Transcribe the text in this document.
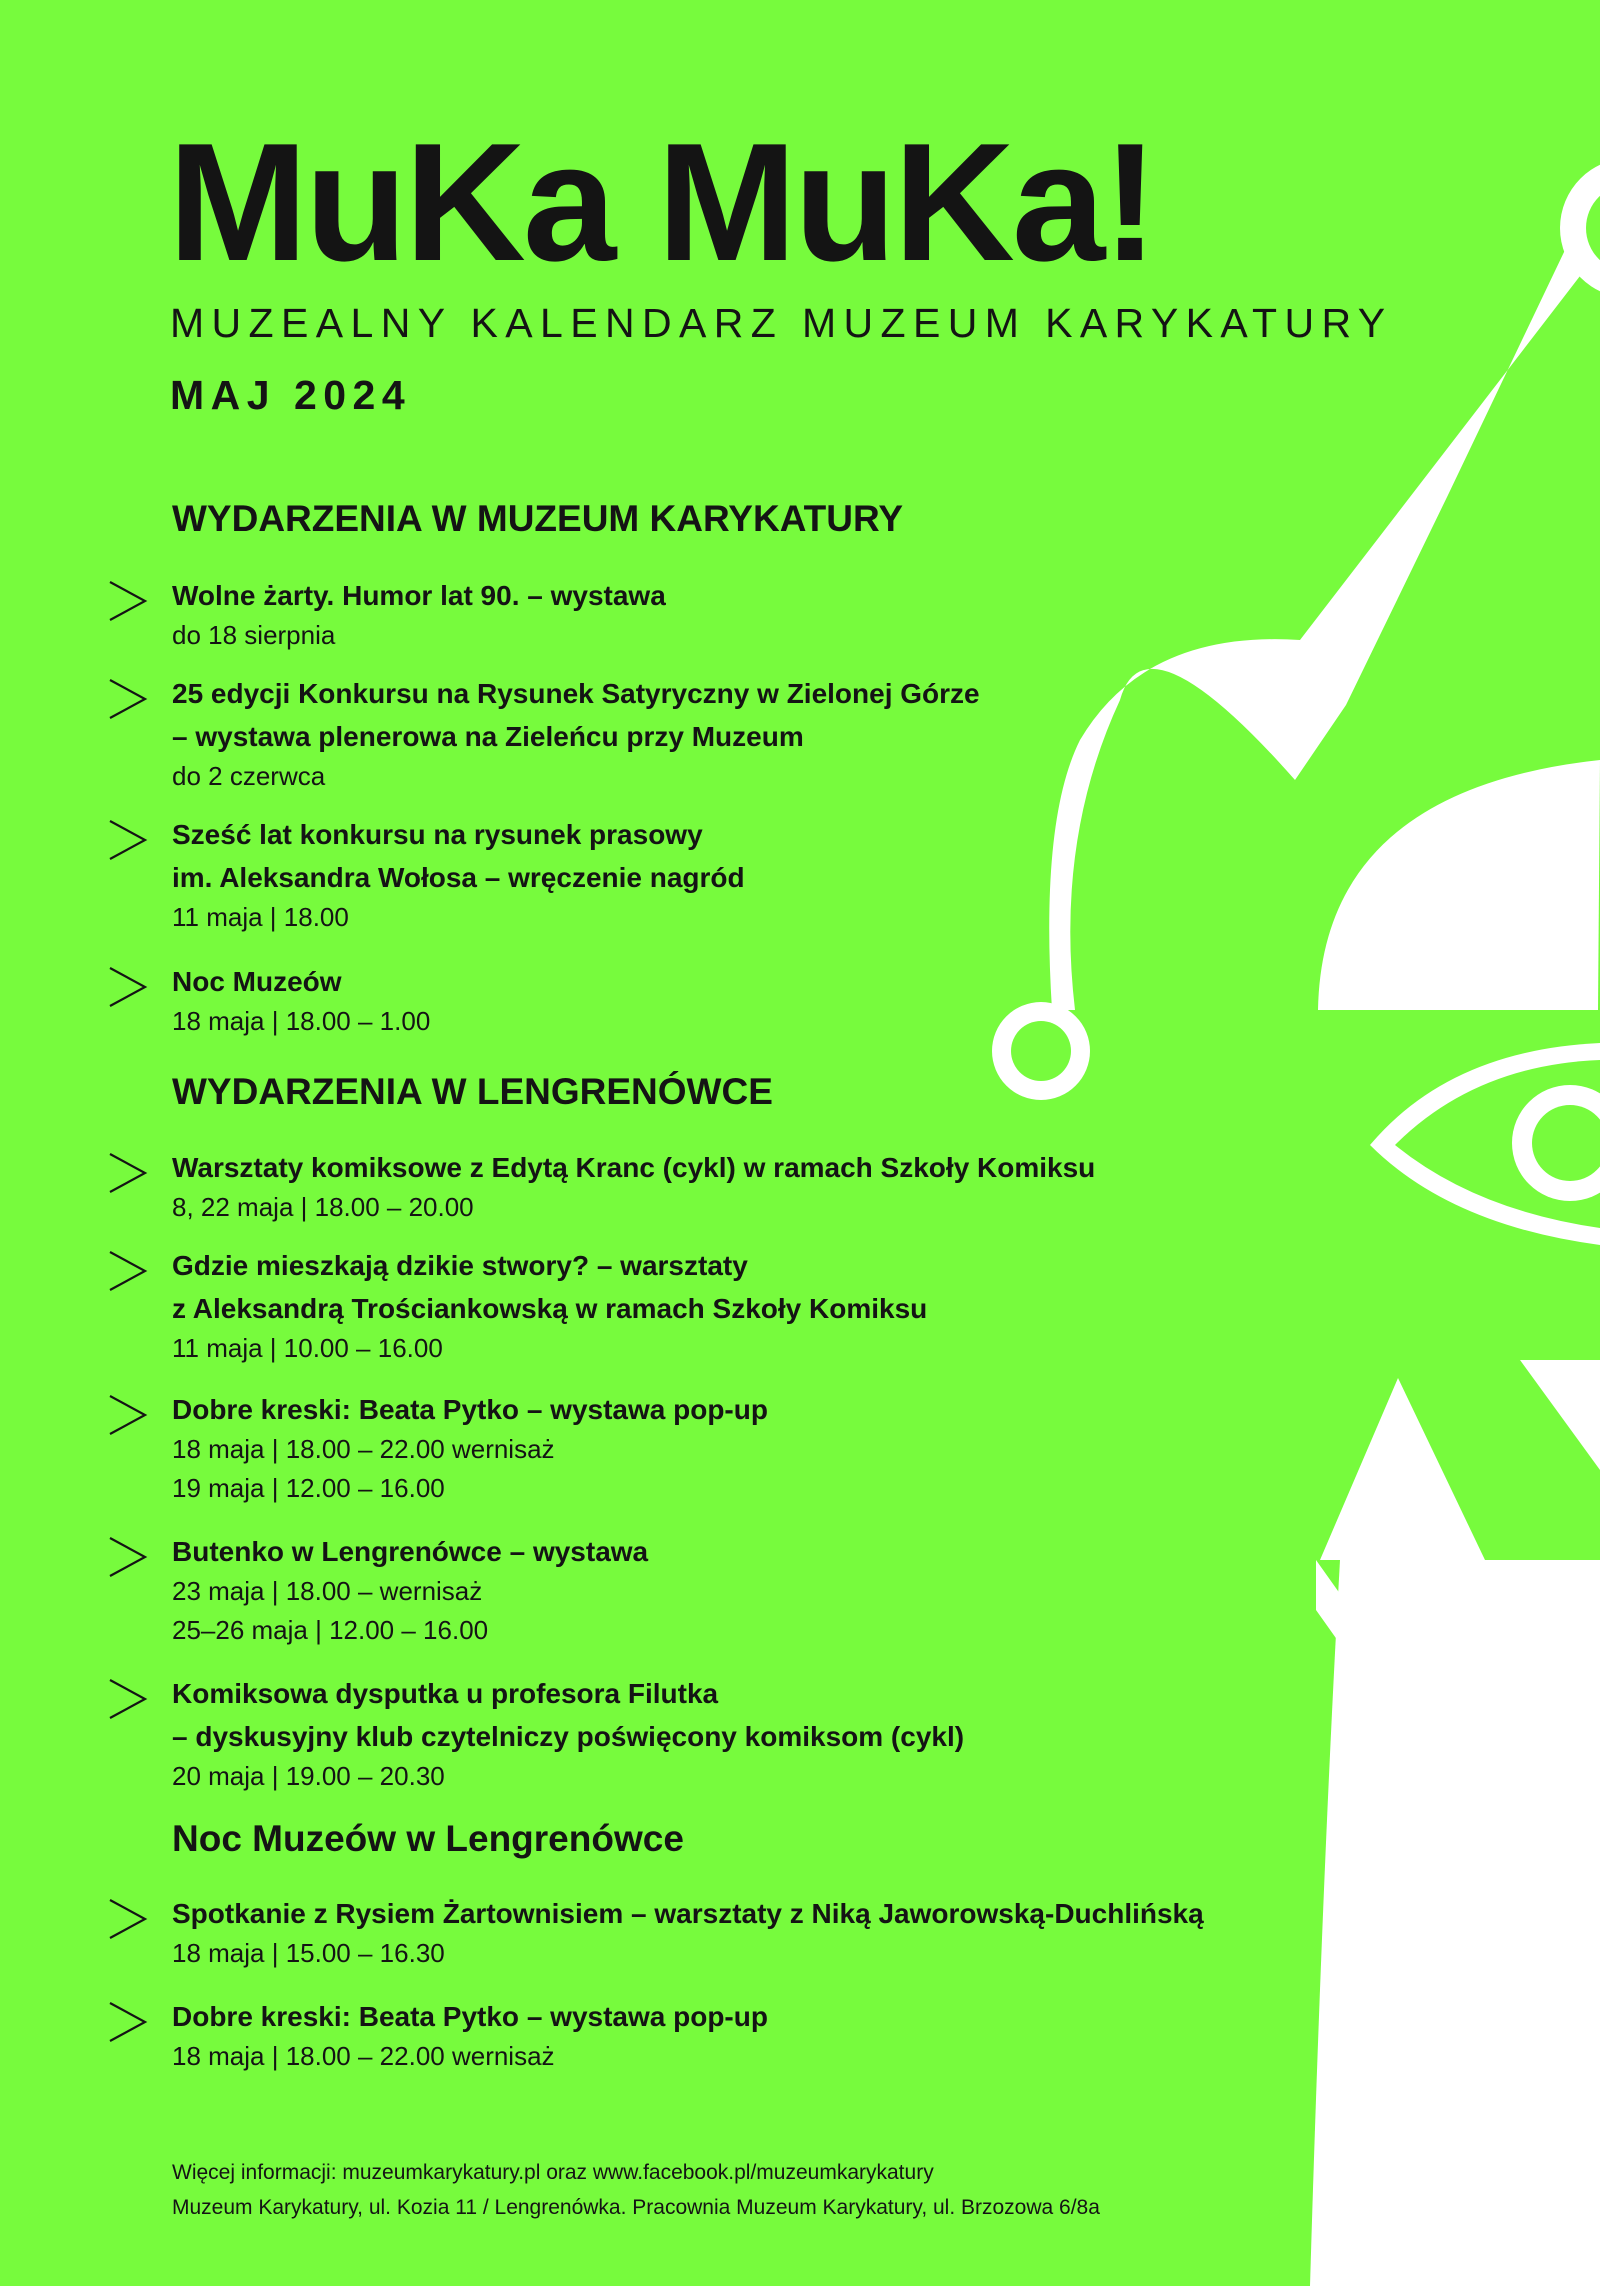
MuKa MuKa!
MUZEALNY KALENDARZ MUZEUM KARYKATURY
MAJ 2024
WYDARZENIA W MUZEUM KARYKATURY
Wolne żarty. Humor lat 90. – wystawa
do 18 sierpnia
25 edycji Konkursu na Rysunek Satyryczny w Zielonej Górze
– wystawa plenerowa na Zieleńcu przy Muzeum
do 2 czerwca
Sześć lat konkursu na rysunek prasowy
im. Aleksandra Wołosa – wręczenie nagród
11 maja | 18.00
Noc Muzeów
18 maja | 18.00 – 1.00
WYDARZENIA W LENGRENÓWCE
Warsztaty komiksowe z Edytą Kranc (cykl) w ramach Szkoły Komiksu
8, 22 maja | 18.00 – 20.00
Gdzie mieszkają dzikie stwory? – warsztaty
z Aleksandrą Trościankowską w ramach Szkoły Komiksu
11 maja | 10.00 – 16.00
Dobre kreski: Beata Pytko – wystawa pop-up
18 maja | 18.00 – 22.00 wernisaż
19 maja | 12.00 – 16.00
Butenko w Lengrenówce – wystawa
23 maja | 18.00 – wernisaż
25–26 maja | 12.00 – 16.00
Komiksowa dysputka u profesora Filutka
– dyskusyjny klub czytelniczy poświęcony komiksom (cykl)
20 maja | 19.00 – 20.30
Noc Muzeów w Lengrenówce
Spotkanie z Rysiem Żartownisiem – warsztaty z Niką Jaworowską-Duchlińską
18 maja | 15.00 – 16.30
Dobre kreski: Beata Pytko – wystawa pop-up
18 maja | 18.00 – 22.00 wernisaż
Więcej informacji: muzeumkarykatury.pl oraz www.facebook.pl/muzeumkarykatury
Muzeum Karykatury, ul. Kozia 11 / Lengrenówka. Pracownia Muzeum Karykatury, ul. Brzozowa 6/8a
